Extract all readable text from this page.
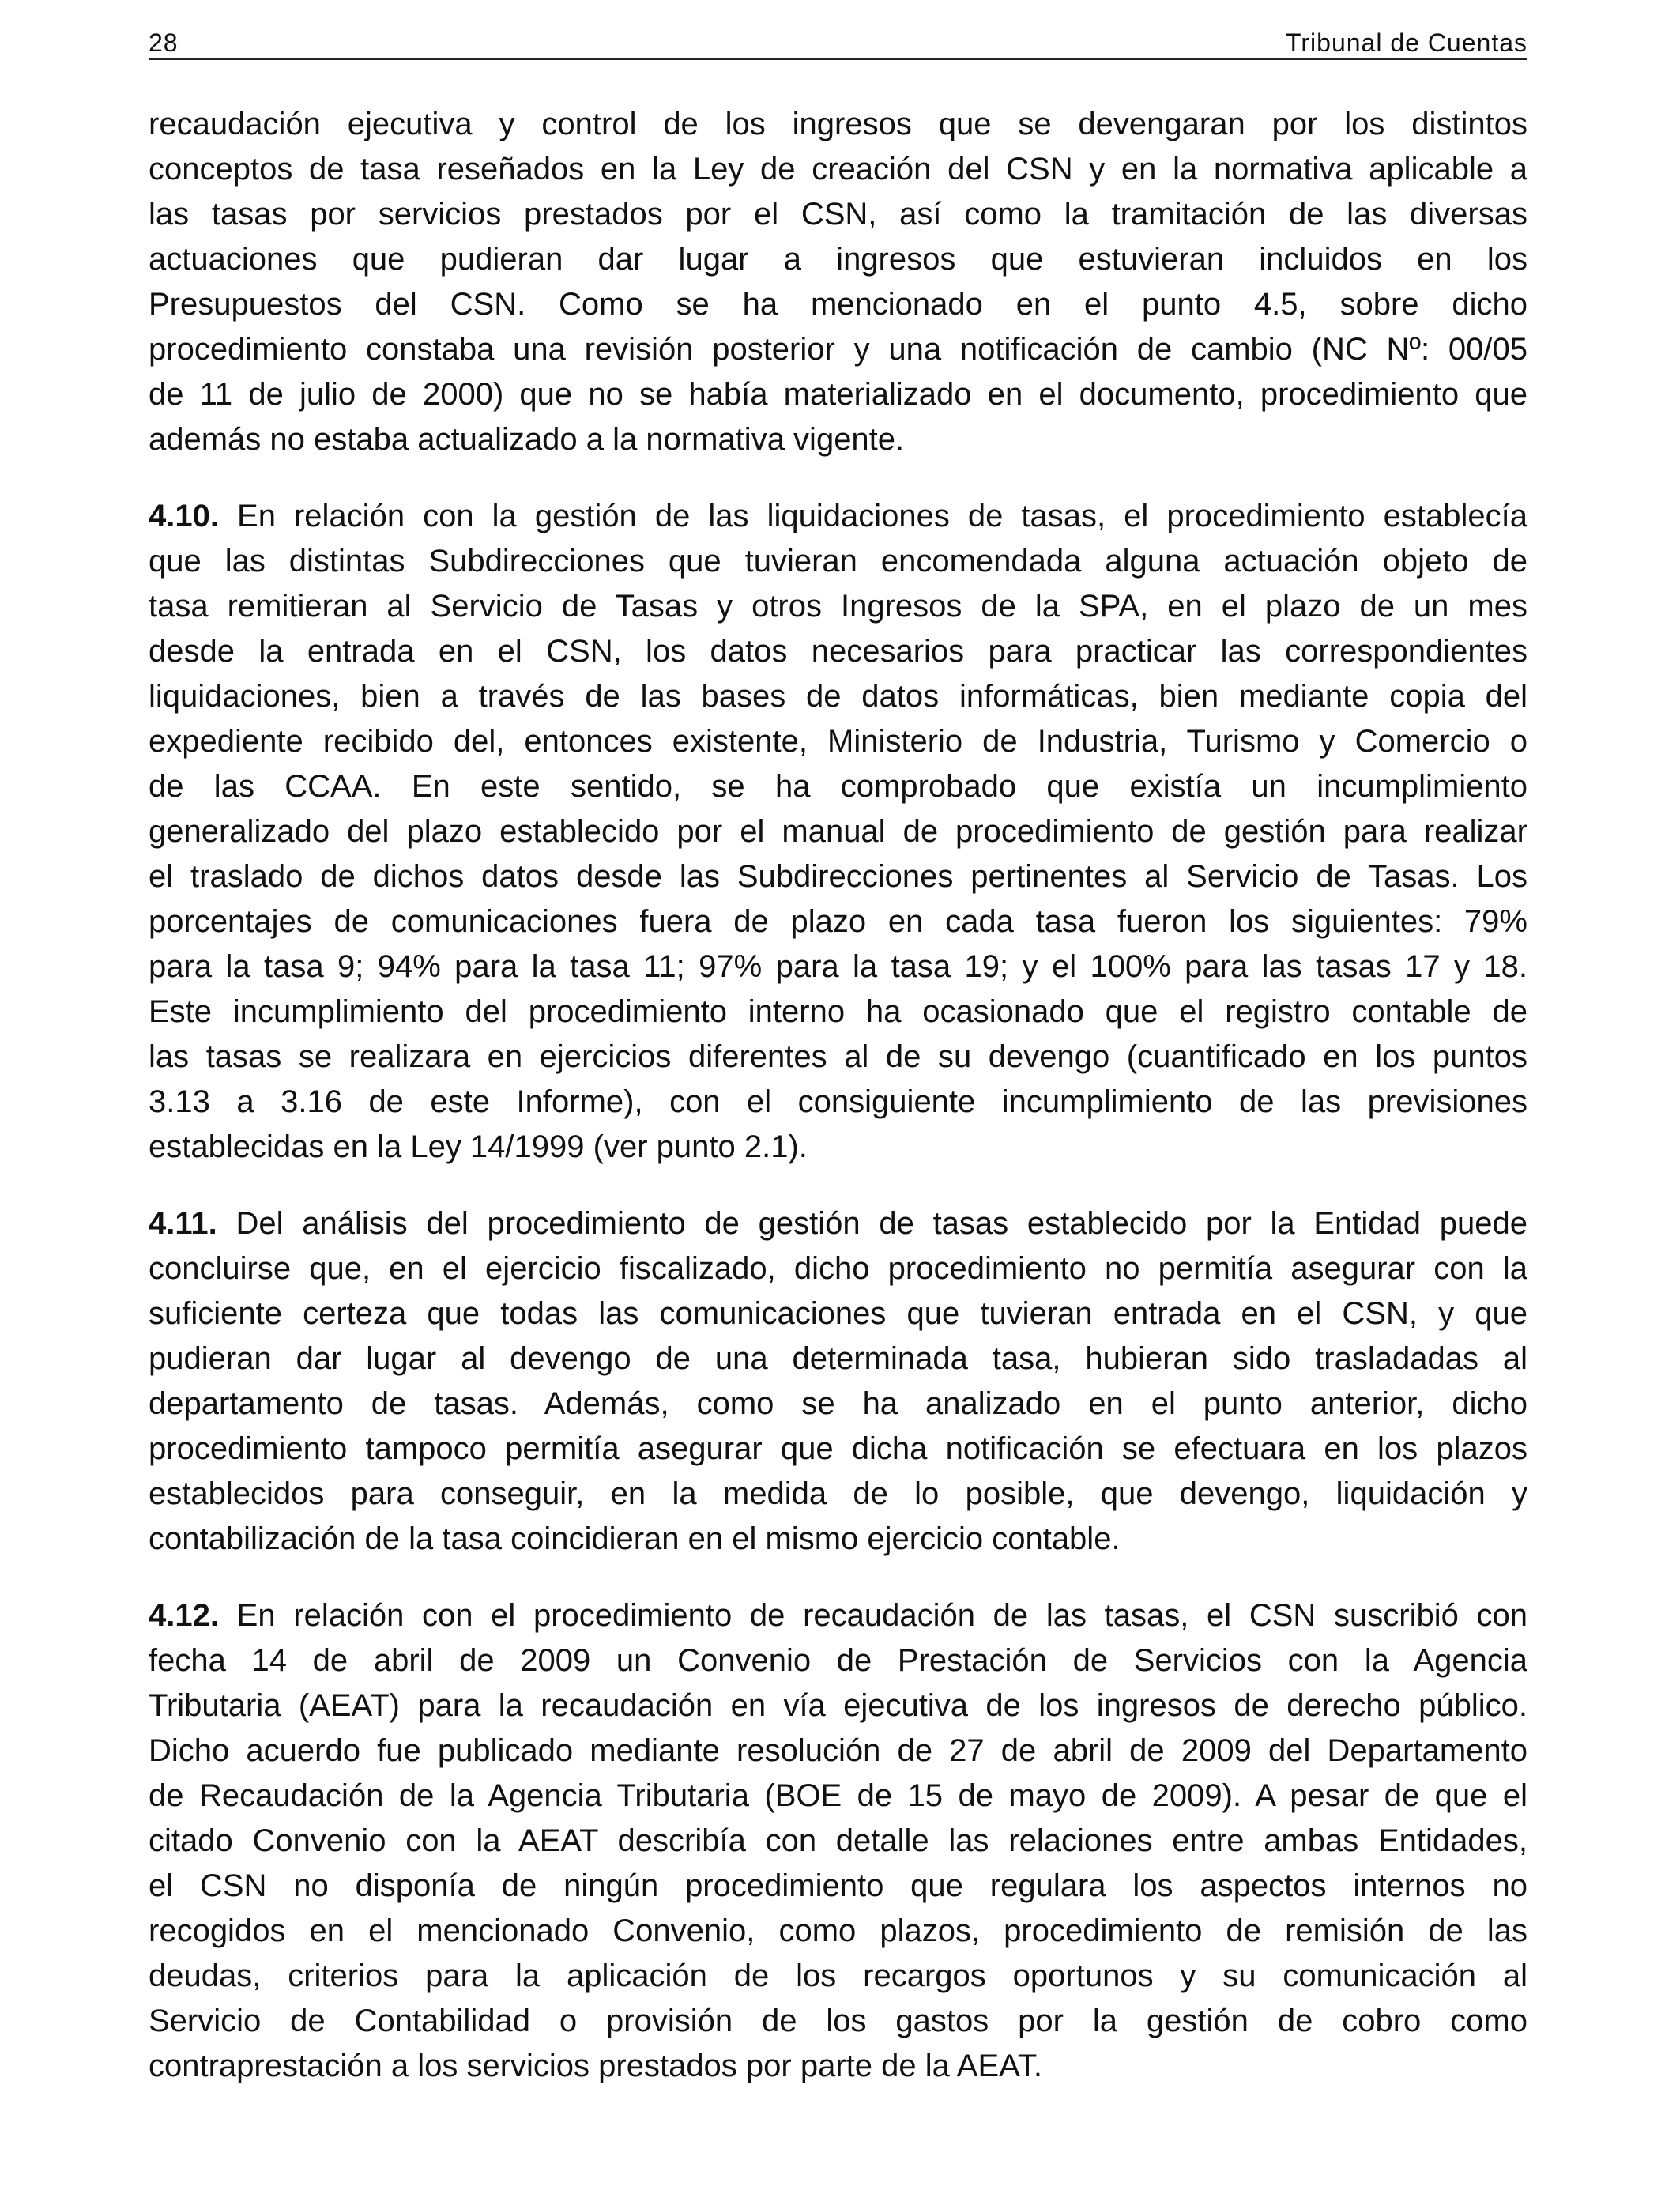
28	Tribunal de Cuentas
recaudación ejecutiva y control de los ingresos que se devengaran por los distintos
conceptos de tasa reseñados en la Ley de creación del CSN y en la normativa aplicable a
las tasas por servicios prestados por el CSN, así como la tramitación de las diversas
actuaciones que pudieran dar lugar a ingresos que estuvieran incluidos en los
Presupuestos del CSN. Como se ha mencionado en el punto 4.5, sobre dicho
procedimiento constaba una revisión posterior y una notificación de cambio (NC Nº: 00/05
de 11 de julio de 2000) que no se había materializado en el documento, procedimiento que
además no estaba actualizado a la normativa vigente.
4.10. En relación con la gestión de las liquidaciones de tasas, el procedimiento establecía
que las distintas Subdirecciones que tuvieran encomendada alguna actuación objeto de
tasa remitieran al Servicio de Tasas y otros Ingresos de la SPA, en el plazo de un mes
desde la entrada en el CSN, los datos necesarios para practicar las correspondientes
liquidaciones, bien a través de las bases de datos informáticas, bien mediante copia del
expediente recibido del, entonces existente, Ministerio de Industria, Turismo y Comercio o
de las CCAA. En este sentido, se ha comprobado que existía un incumplimiento
generalizado del plazo establecido por el manual de procedimiento de gestión para realizar
el traslado de dichos datos desde las Subdirecciones pertinentes al Servicio de Tasas. Los
porcentajes de comunicaciones fuera de plazo en cada tasa fueron los siguientes: 79%
para la tasa 9; 94% para la tasa 11; 97% para la tasa 19; y el 100% para las tasas 17 y 18.
Este incumplimiento del procedimiento interno ha ocasionado que el registro contable de
las tasas se realizara en ejercicios diferentes al de su devengo (cuantificado en los puntos
3.13 a 3.16 de este Informe), con el consiguiente incumplimiento de las previsiones
establecidas en la Ley 14/1999 (ver punto 2.1).
4.11. Del análisis del procedimiento de gestión de tasas establecido por la Entidad puede
concluirse que, en el ejercicio fiscalizado, dicho procedimiento no permitía asegurar con la
suficiente certeza que todas las comunicaciones que tuvieran entrada en el CSN, y que
pudieran dar lugar al devengo de una determinada tasa, hubieran sido trasladadas al
departamento de tasas. Además, como se ha analizado en el punto anterior, dicho
procedimiento tampoco permitía asegurar que dicha notificación se efectuara en los plazos
establecidos para conseguir, en la medida de lo posible, que devengo, liquidación y
contabilización de la tasa coincidieran en el mismo ejercicio contable.
4.12. En relación con el procedimiento de recaudación de las tasas, el CSN suscribió con
fecha 14 de abril de 2009 un Convenio de Prestación de Servicios con la Agencia
Tributaria (AEAT) para la recaudación en vía ejecutiva de los ingresos de derecho público.
Dicho acuerdo fue publicado mediante resolución de 27 de abril de 2009 del Departamento
de Recaudación de la Agencia Tributaria (BOE de 15 de mayo de 2009). A pesar de que el
citado Convenio con la AEAT describía con detalle las relaciones entre ambas Entidades,
el CSN no disponía de ningún procedimiento que regulara los aspectos internos no
recogidos en el mencionado Convenio, como plazos, procedimiento de remisión de las
deudas, criterios para la aplicación de los recargos oportunos y su comunicación al
Servicio de Contabilidad o provisión de los gastos por la gestión de cobro como
contraprestación a los servicios prestados por parte de la AEAT.
